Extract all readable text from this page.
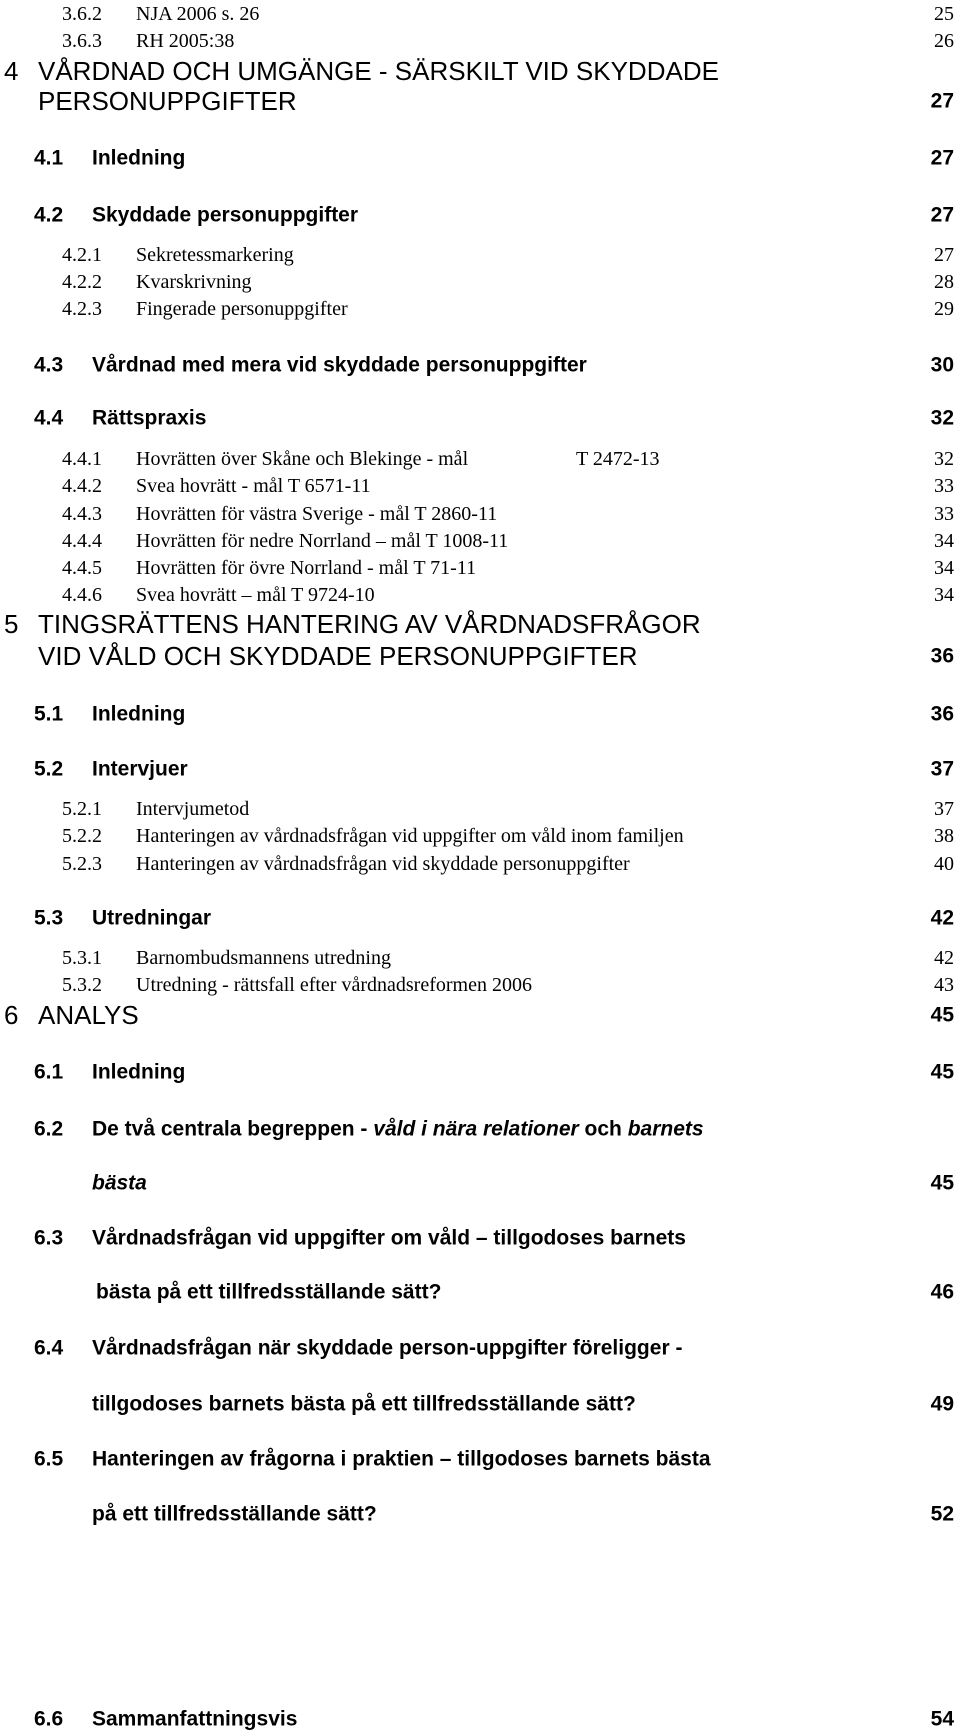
3.6.2 NJA 2006 s. 26	25
3.6.3 RH 2005:38	26
4 VÅRDNAD OCH UMGÄNGE - SÄRSKILT VID SKYDDADE
PERSONUPPGIFTER	27
4.1 Inledning	27
4.2 Skyddade personuppgifter	27
4.2.1 Sekretessmarkering	27
4.2.2 Kvarskrivning	28
4.2.3 Fingerade personuppgifter	29
4.3 Vårdnad med mera vid skyddade personuppgifter	30
4.4 Rättspraxis	32
4.4.1 Hovrätten över Skåne och Blekinge - mål	T 2472-13	32
4.4.2 Svea hovrätt - mål T 6571-11	33
4.4.3 Hovrätten för västra Sverige - mål T 2860-11	33
4.4.4 Hovrätten för nedre Norrland – mål T 1008-11	34
4.4.5 Hovrätten för övre Norrland - mål T 71-11	34
4.4.6 Svea hovrätt – mål T 9724-10	34
5 TINGSRÄTTENS HANTERING AV VÅRDNADSFRÅGOR
VID VÅLD OCH SKYDDADE PERSONUPPGIFTER	36
5.1 Inledning	36
5.2 Intervjuer	37
5.2.1 Intervjumetod	37
5.2.2 Hanteringen av vårdnadsfrågan vid uppgifter om våld inom familjen	38
5.2.3 Hanteringen av vårdnadsfrågan vid skyddade personuppgifter	40
5.3 Utredningar	42
5.3.1 Barnombudsmannens utredning	42
5.3.2 Utredning - rättsfall efter vårdnadsreformen 2006	43
6 ANALYS	45
6.1 Inledning	45
6.2 De två centrala begreppen - våld i nära relationer och barnets
bästa	45
6.3 Vårdnadsfrågan vid uppgifter om våld – tillgodoses barnets
bästa på ett tillfredsställande sätt?	46
6.4 Vårdnadsfrågan när skyddade person-uppgifter föreligger -
tillgodoses barnets bästa på ett tillfredsställande sätt?	49
6.5 Hanteringen av frågorna i praktien – tillgodoses barnets bästa
på ett tillfredsställande sätt?	52
6.6 Sammanfattningsvis	54
